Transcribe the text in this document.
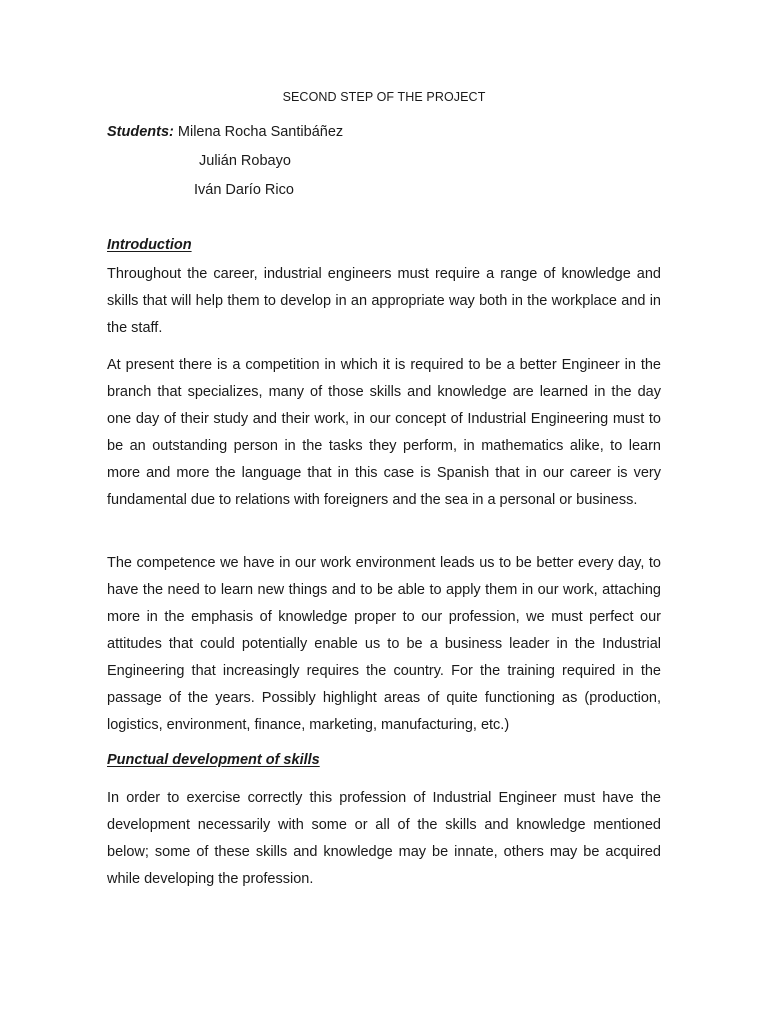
SECOND STEP OF THE PROJECT
Students: Milena Rocha Santibáñez
Julián Robayo
Iván Darío Rico
Introduction
Throughout the career, industrial engineers must require a range of knowledge and skills that will help them to develop in an appropriate way both in the workplace and in the staff.
At present there is a competition in which it is required to be a better Engineer in the branch that specializes, many of those skills and knowledge are learned in the day one day of their study and their work, in our concept of Industrial Engineering must to be an outstanding person in the tasks they perform, in mathematics alike, to learn more and more the language that in this case is Spanish that in our career is very fundamental due to relations with foreigners and the sea in a personal or business.
The competence we have in our work environment leads us to be better every day, to have the need to learn new things and to be able to apply them in our work, attaching more in the emphasis of knowledge proper to our profession, we must perfect our attitudes that could potentially enable us to be a business leader in the Industrial Engineering that increasingly requires the country. For the training required in the passage of the years. Possibly highlight areas of quite functioning as (production, logistics, environment, finance, marketing, manufacturing, etc.)
Punctual development of skills
In order to exercise correctly this profession of Industrial Engineer must have the development necessarily with some or all of the skills and knowledge mentioned below; some of these skills and knowledge may be innate, others may be acquired while developing the profession.
